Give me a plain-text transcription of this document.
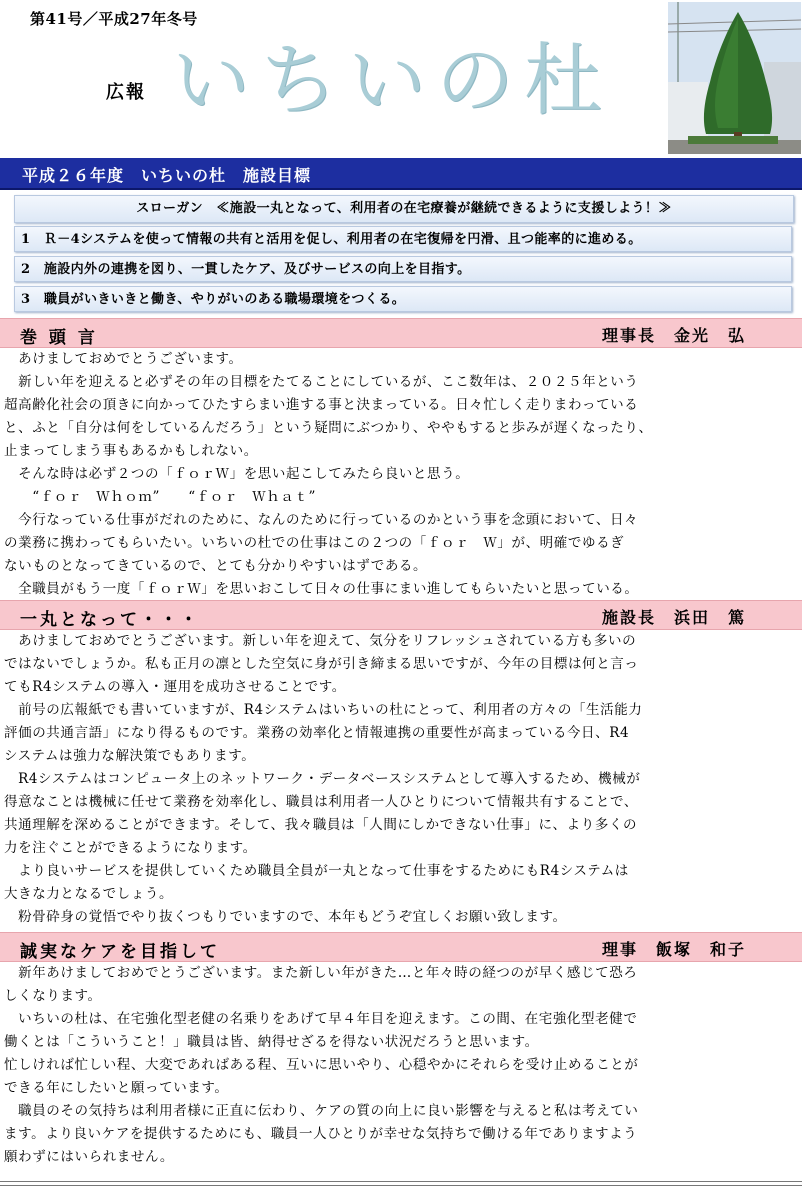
第41号／平成27年冬号
広報 いちいの杜
平成２６年度　いちいの杜　施設目標
スローガン　≪施設一丸となって、利用者の在宅療養が継続できるように支援しよう！≫
1　Ｒ－4システムを使って情報の共有と活用を促し、利用者の在宅復帰を円滑、且つ能率的に進める。
2　施設内外の連携を図り、一貫したケア、及びサービスの向上を目指す。
3　職員がいきいきと働き、やりがいのある職場環境をつくる。
巻 頭 言	理事長　金光　弘

　あけましておめでとうございます。

　新しい年を迎えると必ずその年の目標をたてることにしているが、ここ数年は、２０２５年という

超高齢化社会の頂きに向かってひたすらまい進する事と決まっている。日々忙しく走りまわっている

と、ふと「自分は何をしているんだろう」という疑問にぶつかり、ややもすると歩みが遅くなったり、

止まってしまう事もあるかもしれない。

　そんな時は必ず２つの「ｆｏｒＷ」を思い起こしてみたら良いと思う。

　　“ｆｏｒ　Ｗｈｏｍ”　　“ｆｏｒ　Ｗｈａｔ”

　今行なっている仕事がだれのために、なんのために行っているのかという事を念頭において、日々

の業務に携わってもらいたい。いちいの杜での仕事はこの２つの「ｆｏｒ　Ｗ」が、明確でゆるぎ

ないものとなってきているので、とても分かりやすいはずである。

　全職員がもう一度「ｆｏｒＷ」を思いおこして日々の仕事にまい進してもらいたいと思っている。

一丸となって・・・	施設長　浜田　篤

　あけましておめでとうございます。新しい年を迎えて、気分をリフレッシュされている方も多いの

ではないでしょうか。私も正月の凛とした空気に身が引き締まる思いですが、今年の目標は何と言っ

てもR4システムの導入・運用を成功させることです。

　前号の広報紙でも書いていますが、R4システムはいちいの杜にとって、利用者の方々の「生活能力

評価の共通言語」になり得るものです。業務の効率化と情報連携の重要性が高まっている今日、R4

システムは強力な解決策でもあります。

　R4システムはコンピュータ上のネットワーク・データベースシステムとして導入するため、機械が

得意なことは機械に任せて業務を効率化し、職員は利用者一人ひとりについて情報共有することで、

共通理解を深めることができます。そして、我々職員は「人間にしかできない仕事」に、より多くの

力を注ぐことができるようになります。

　より良いサービスを提供していくため職員全員が一丸となって仕事をするためにもR4システムは

大きな力となるでしょう。

　粉骨砕身の覚悟でやり抜くつもりでいますので、本年もどうぞ宜しくお願い致します。

誠実なケアを目指して	理事　飯塚　和子

　新年あけましておめでとうございます。また新しい年がきた…と年々時の経つのが早く感じて恐ろ

しくなります。

　いちいの杜は、在宅強化型老健の名乗りをあげて早４年目を迎えます。この間、在宅強化型老健で

働くとは「こういうこと！」職員は皆、納得せざるを得ない状況だろうと思います。

忙しければ忙しい程、大変であればある程、互いに思いやり、心穏やかにそれらを受け止めることが

できる年にしたいと願っています。

　職員のその気持ちは利用者様に正直に伝わり、ケアの質の向上に良い影響を与えると私は考えてい

ます。より良いケアを提供するためにも、職員一人ひとりが幸せな気持ちで働ける年でありますよう

願わずにはいられません。
